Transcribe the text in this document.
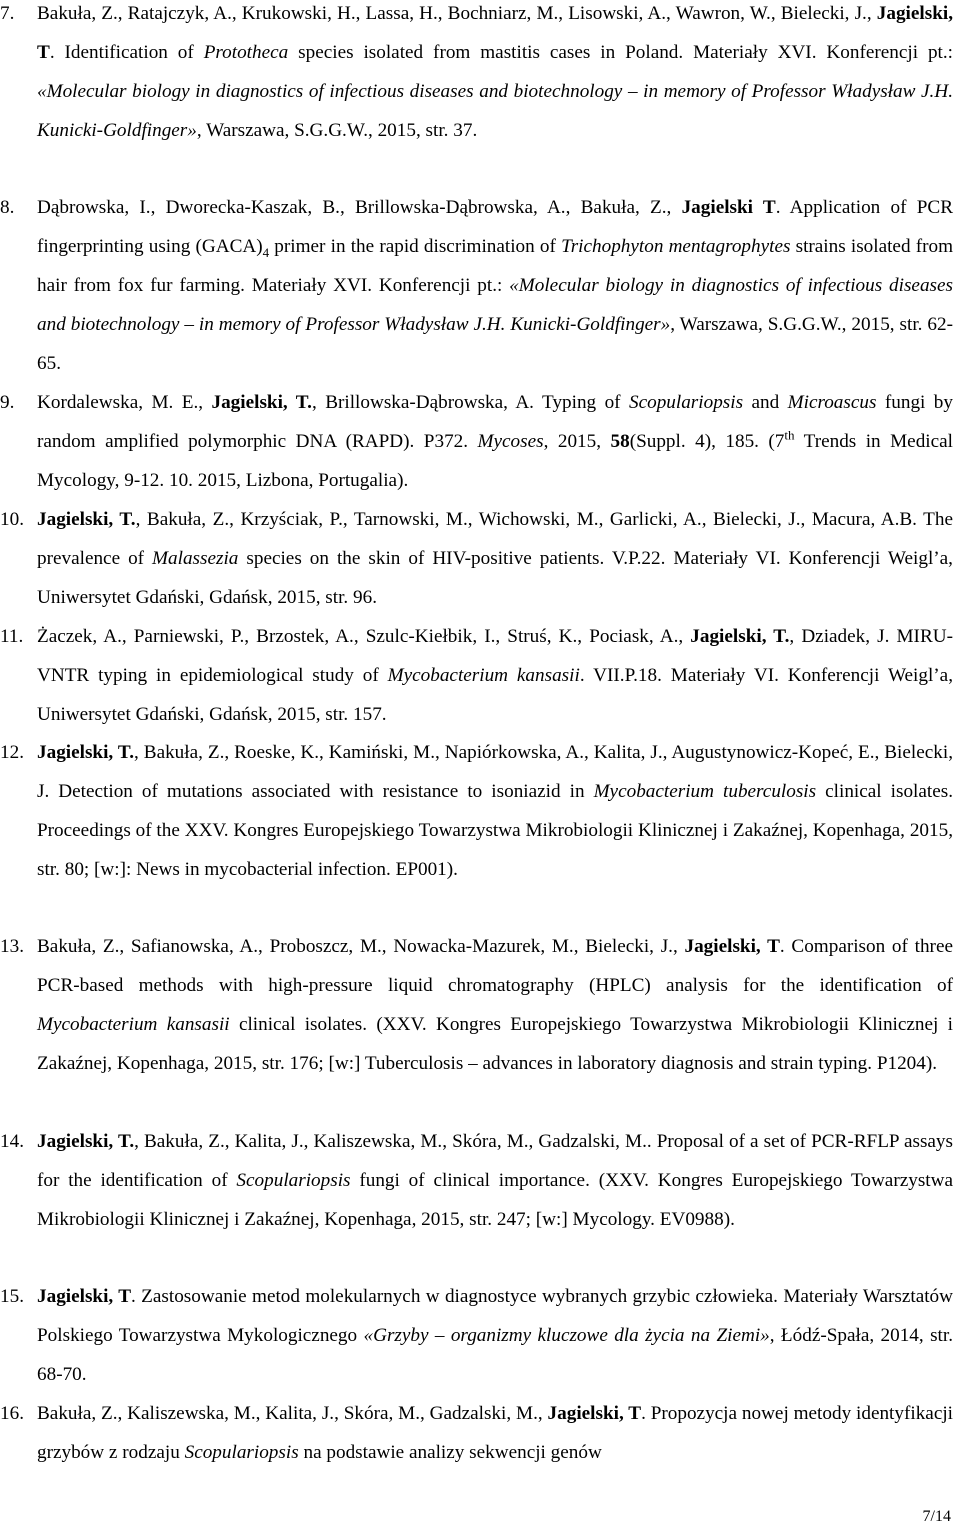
7.	Bakuła, Z., Ratajczyk, A., Krukowski, H., Lassa, H., Bochniarz, M., Lisowski, A., Wawron, W., Bielecki, J., Jagielski, T. Identification of Prototheca species isolated from mastitis cases in Poland. Materiały XVI. Konferencji pt.: «Molecular biology in diagnostics of infectious diseases and biotechnology – in memory of Professor Władysław J.H. Kunicki-Goldfinger», Warszawa, S.G.G.W., 2015, str. 37.
8.	Dąbrowska, I., Dworecka-Kaszak, B., Brillowska-Dąbrowska, A., Bakuła, Z., Jagielski T. Application of PCR fingerprinting using $(GACA)_4$ primer in the rapid discrimination of Trichophyton mentagrophytes strains isolated from hair from fox fur farming. Materiały XVI. Konferencji pt.: «Molecular biology in diagnostics of infectious diseases and biotechnology – in memory of Professor Władysław J.H. Kunicki-Goldfinger», Warszawa, S.G.G.W., 2015, str. 62-65.
9.	Kordalewska, M. E., Jagielski, T., Brillowska-Dąbrowska, A. Typing of Scopulariopsis and Microascus fungi by random amplified polymorphic DNA (RAPD). P372. Mycoses, 2015, 58(Suppl. 4), 185. (7th Trends in Medical Mycology, 9-12. 10. 2015, Lizbona, Portugalia).
10. Jagielski, T., Bakuła, Z., Krzyściak, P., Tarnowski, M., Wichowski, M., Garlicki, A., Bielecki, J., Macura, A.B. The prevalence of Malassezia species on the skin of HIV-positive patients. V.P.22. Materiały VI. Konferencji Weigl’a, Uniwersytet Gdański, Gdańsk, 2015, str. 96.
11. Żaczek, A., Parniewski, P., Brzostek, A., Szulc-Kiełbik, I., Struś, K., Pociask, A., Jagielski, T., Dziadek, J. MIRU-VNTR typing in epidemiological study of Mycobacterium kansasii. VII.P.18. Materiały VI. Konferencji Weigl’a, Uniwersytet Gdański, Gdańsk, 2015, str. 157.
12. Jagielski, T., Bakuła, Z., Roeske, K., Kamiński, M., Napiórkowska, A., Kalita, J., Augustynowicz-Kopeć, E., Bielecki, J. Detection of mutations associated with resistance to isoniazid in Mycobacterium tuberculosis clinical isolates. Proceedings of the XXV. Kongres Europejskiego Towarzystwa Mikrobiologii Klinicznej i Zakaźnej, Kopenhaga, 2015, str. 80; [w:]: News in mycobacterial infection. EP001).
13. Bakuła, Z., Safianowska, A., Proboszcz, M., Nowacka-Mazurek, M., Bielecki, J., Jagielski, T. Comparison of three PCR-based methods with high-pressure liquid chromatography (HPLC) analysis for the identification of Mycobacterium kansasii clinical isolates. (XXV. Kongres Europejskiego Towarzystwa Mikrobiologii Klinicznej i Zakaźnej, Kopenhaga, 2015, str. 176; [w:] Tuberculosis – advances in laboratory diagnosis and strain typing. P1204).
14. Jagielski, T., Bakuła, Z., Kalita, J., Kaliszewska, M., Skóra, M., Gadzalski, M.. Proposal of a set of PCR-RFLP assays for the identification of Scopulariopsis fungi of clinical importance. (XXV. Kongres Europejskiego Towarzystwa Mikrobiologii Klinicznej i Zakaźnej, Kopenhaga, 2015, str. 247; [w:] Mycology. EV0988).
15. Jagielski, T. Zastosowanie metod molekularnych w diagnostyce wybranych grzybic człowieka. Materiały Warsztatów Polskiego Towarzystwa Mykologicznego «Grzyby – organizmy kluczowe dla życia na Ziemi», Łódź-Spała, 2014, str. 68-70.
16. Bakuła, Z., Kaliszewska, M., Kalita, J., Skóra, M., Gadzalski, M., Jagielski, T. Propozycja nowej metody identyfikacji grzybów z rodzaju Scopulariopsis na podstawie analizy sekwencji genów
7/14
